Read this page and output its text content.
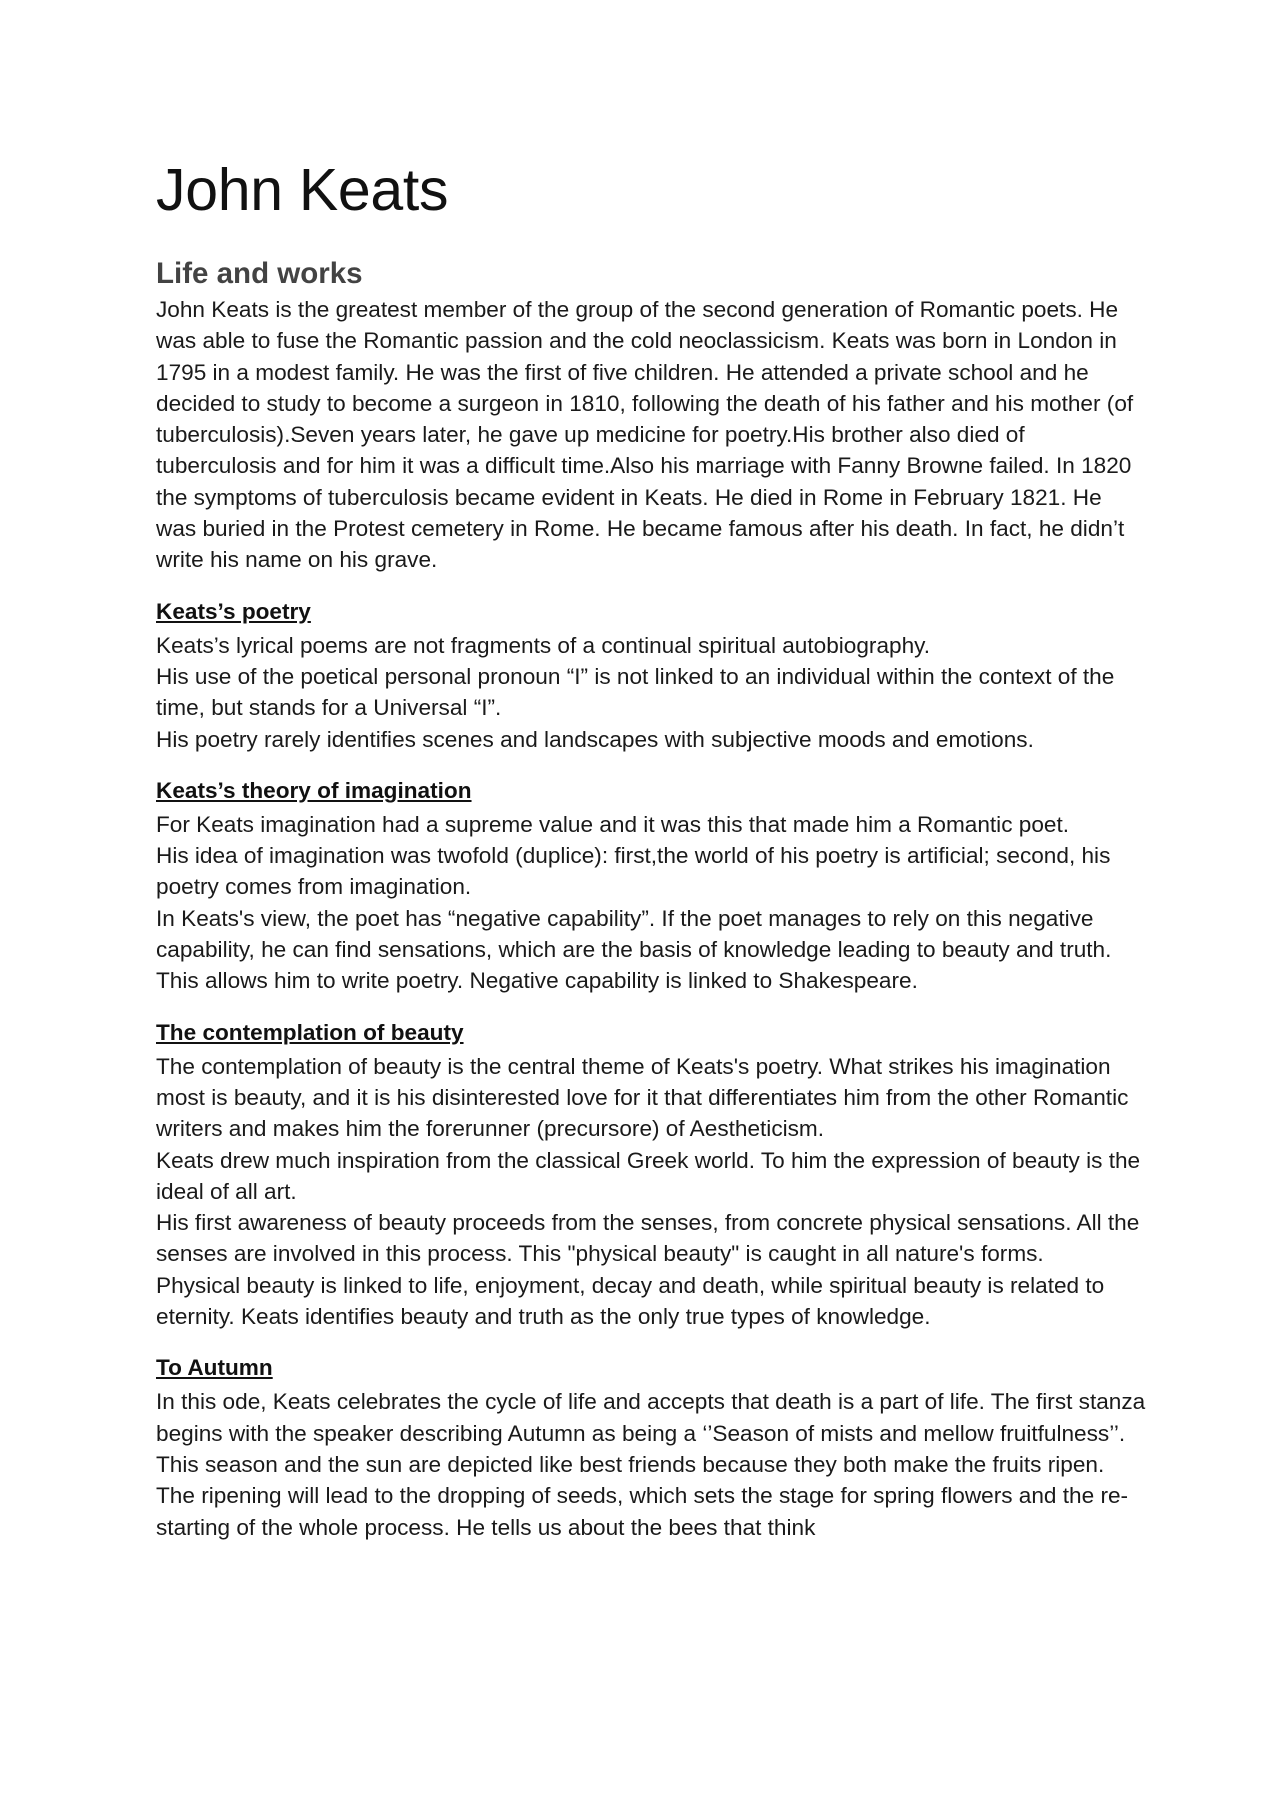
John Keats
Life and works

John Keats is the greatest member of the group of the second generation of Romantic poets. He was able to fuse the Romantic passion and the cold neoclassicism. Keats was born in London in 1795 in a modest family. He was the first of five children. He attended a private school and he decided to study to become a surgeon in 1810, following the death of his father and his mother (of tuberculosis).Seven years later, he gave up medicine for poetry.His brother also died of tuberculosis and for him it was a difficult time.Also his marriage with Fanny Browne failed. In 1820 the symptoms of tuberculosis became evident in Keats. He died in Rome in February 1821. He was buried in the Protest cemetery in Rome. He became famous after his death. In fact, he didn’t write his name on his grave.

Keats’s poetry

Keats’s lyrical poems are not fragments of a continual spiritual autobiography.

His use of the poetical personal pronoun “I” is not linked to an individual within the context of the time, but stands for a Universal “I”.

His poetry rarely identifies scenes and landscapes with subjective moods and emotions.

Keats’s theory of imagination

For Keats imagination had a supreme value and it was this that made him a Romantic poet.

His idea of imagination was twofold (duplice): first,the world of his poetry is artificial; second, his poetry comes from imagination.

In Keats's view, the poet has “negative capability”. If the poet manages to rely on this negative capability, he can find sensations, which are the basis of knowledge leading to beauty and truth. This allows him to write poetry. Negative capability is linked to Shakespeare.

The contemplation of beauty

The contemplation of beauty is the central theme of Keats's poetry. What strikes his imagination most is beauty, and it is his disinterested love for it that differentiates him from the other Romantic writers and makes him the forerunner (precursore) of Aestheticism.

Keats drew much inspiration from the classical Greek world. To him the expression of beauty is the ideal of all art.

His first awareness of beauty proceeds from the senses, from concrete physical sensations. All the senses are involved in this process. This "physical beauty" is caught in all nature's forms.

Physical beauty is linked to life, enjoyment, decay and death, while spiritual beauty is related to eternity. Keats identifies beauty and truth as the only true types of knowledge.

To Autumn

In this ode, Keats celebrates the cycle of life and accepts that death is a part of life. The first stanza begins with the speaker describing Autumn as being a ‘’Season of mists and mellow fruitfulness’’. This season and the sun are depicted like best friends because they both make the fruits ripen. The ripening will lead to the dropping of seeds, which sets the stage for spring flowers and the re-starting of the whole process. He tells us about the bees that think
